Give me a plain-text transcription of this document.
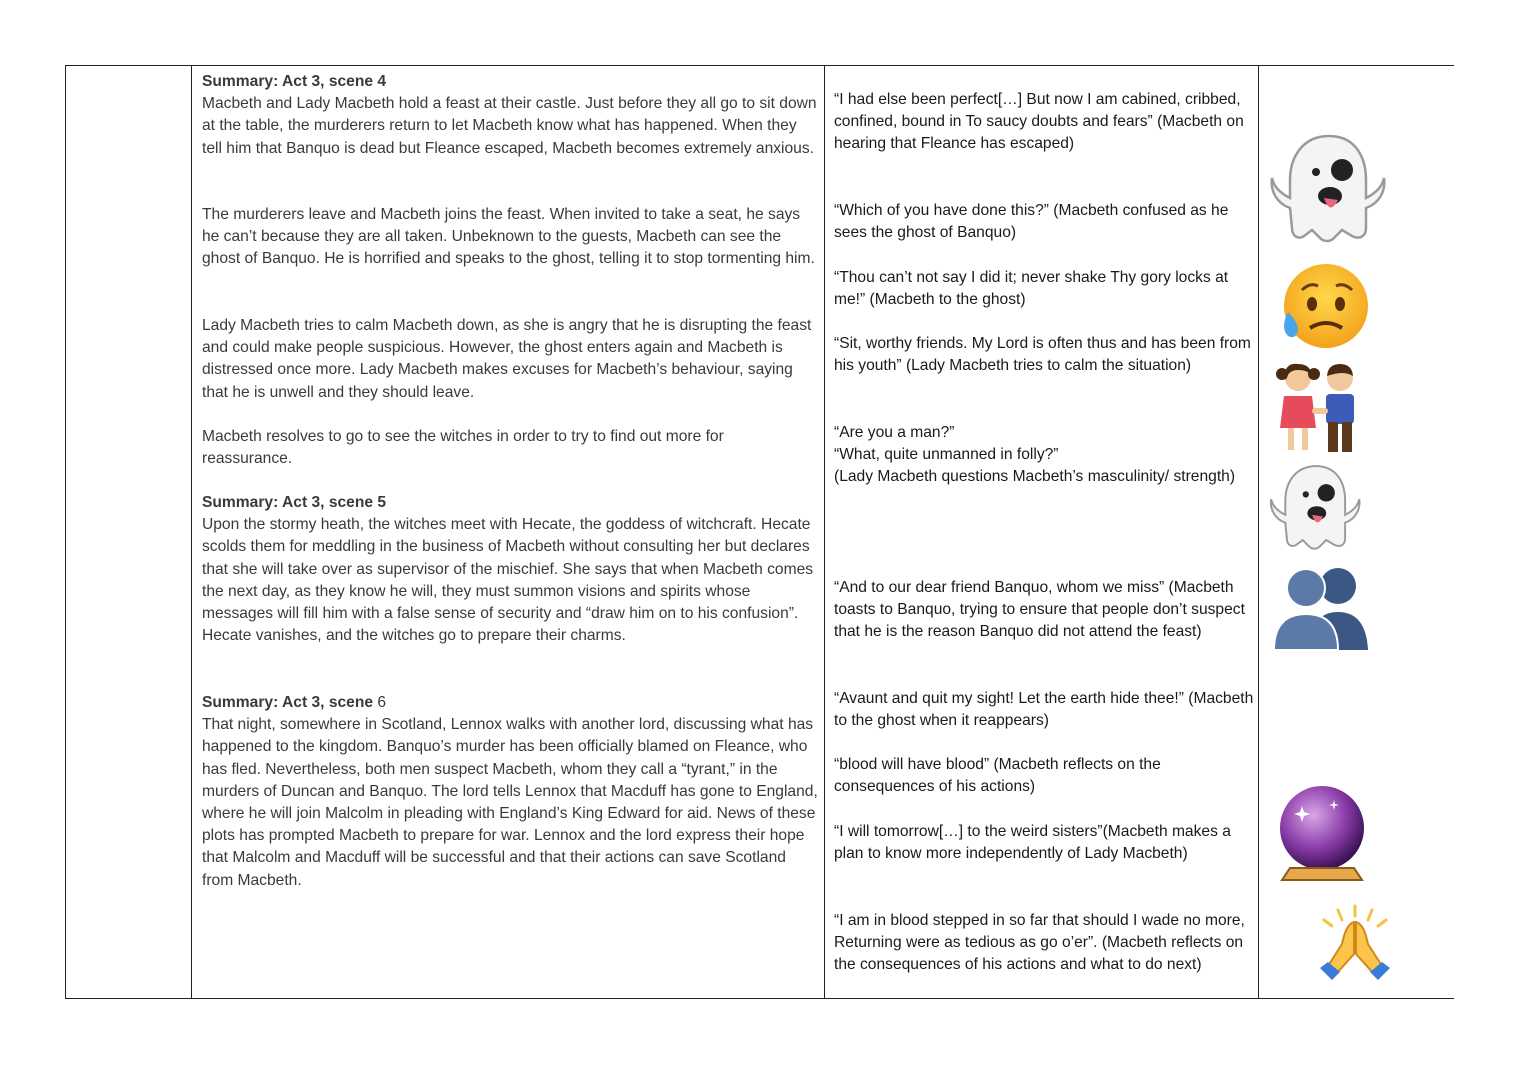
Summary: Act 3, scene 4

Macbeth and Lady Macbeth hold a feast at their castle. Just before they all go to sit down at the table, the murderers return to let Macbeth know what has happened. When they tell him that Banquo is dead but Fleance escaped, Macbeth becomes extremely anxious.

The murderers leave and Macbeth joins the feast. When invited to take a seat, he says he can’t because they are all taken. Unbeknown to the guests, Macbeth can see the ghost of Banquo. He is horrified and speaks to the ghost, telling it to stop tormenting him.

Lady Macbeth tries to calm Macbeth down, as she is angry that he is disrupting the feast and could make people suspicious. However, the ghost enters again and Macbeth is distressed once more. Lady Macbeth makes excuses for Macbeth’s behaviour, saying that he is unwell and they should leave.

Macbeth resolves to go to see the witches in order to try to find out more for reassurance.

Summary: Act 3, scene 5

Upon the stormy heath, the witches meet with Hecate, the goddess of witchcraft. Hecate scolds them for meddling in the business of Macbeth without consulting her but declares that she will take over as supervisor of the mischief. She says that when Macbeth comes the next day, as they know he will, they must summon visions and spirits whose messages will fill him with a false sense of security and “draw him on to his confusion”. Hecate vanishes, and the witches go to prepare their charms.

Summary: Act 3, scene 6

That night, somewhere in Scotland, Lennox walks with another lord, discussing what has happened to the kingdom. Banquo’s murder has been officially blamed on Fleance, who has fled. Nevertheless, both men suspect Macbeth, whom they call a “tyrant,” in the murders of Duncan and Banquo. The lord tells Lennox that Macduff has gone to England, where he will join Malcolm in pleading with England’s King Edward for aid. News of these plots has prompted Macbeth to prepare for war. Lennox and the lord express their hope that Malcolm and Macduff will be successful and that their actions can save Scotland from Macbeth.

“I had else been perfect[…] But now I am cabined, cribbed, confined, bound in To saucy doubts and fears” (Macbeth on hearing that Fleance has escaped)

“Which of you have done this?” (Macbeth confused as he sees the ghost of Banquo)

“Thou can’t not say I did it; never shake Thy gory locks at me!” (Macbeth to the ghost)

“Sit, worthy friends. My Lord is often thus and has been from his youth” (Lady Macbeth tries to calm the situation)

“Are you a man?”

“What, quite unmanned in folly?”

(Lady Macbeth questions Macbeth’s masculinity/ strength)

“And to our dear friend Banquo, whom we miss” (Macbeth toasts to Banquo, trying to ensure that people don’t suspect that he is the reason Banquo did not attend the feast)

“Avaunt and quit my sight! Let the earth hide thee!” (Macbeth to the ghost when it reappears)

“blood will have blood” (Macbeth reflects on the consequences of his actions)

“I will tomorrow[…] to the weird sisters”(Macbeth makes a plan to know more independently of Lady Macbeth)

“I am in blood stepped in so far that should I wade no more, Returning were as tedious as go o’er”. (Macbeth reflects on the consequences of his actions and what to do next)
